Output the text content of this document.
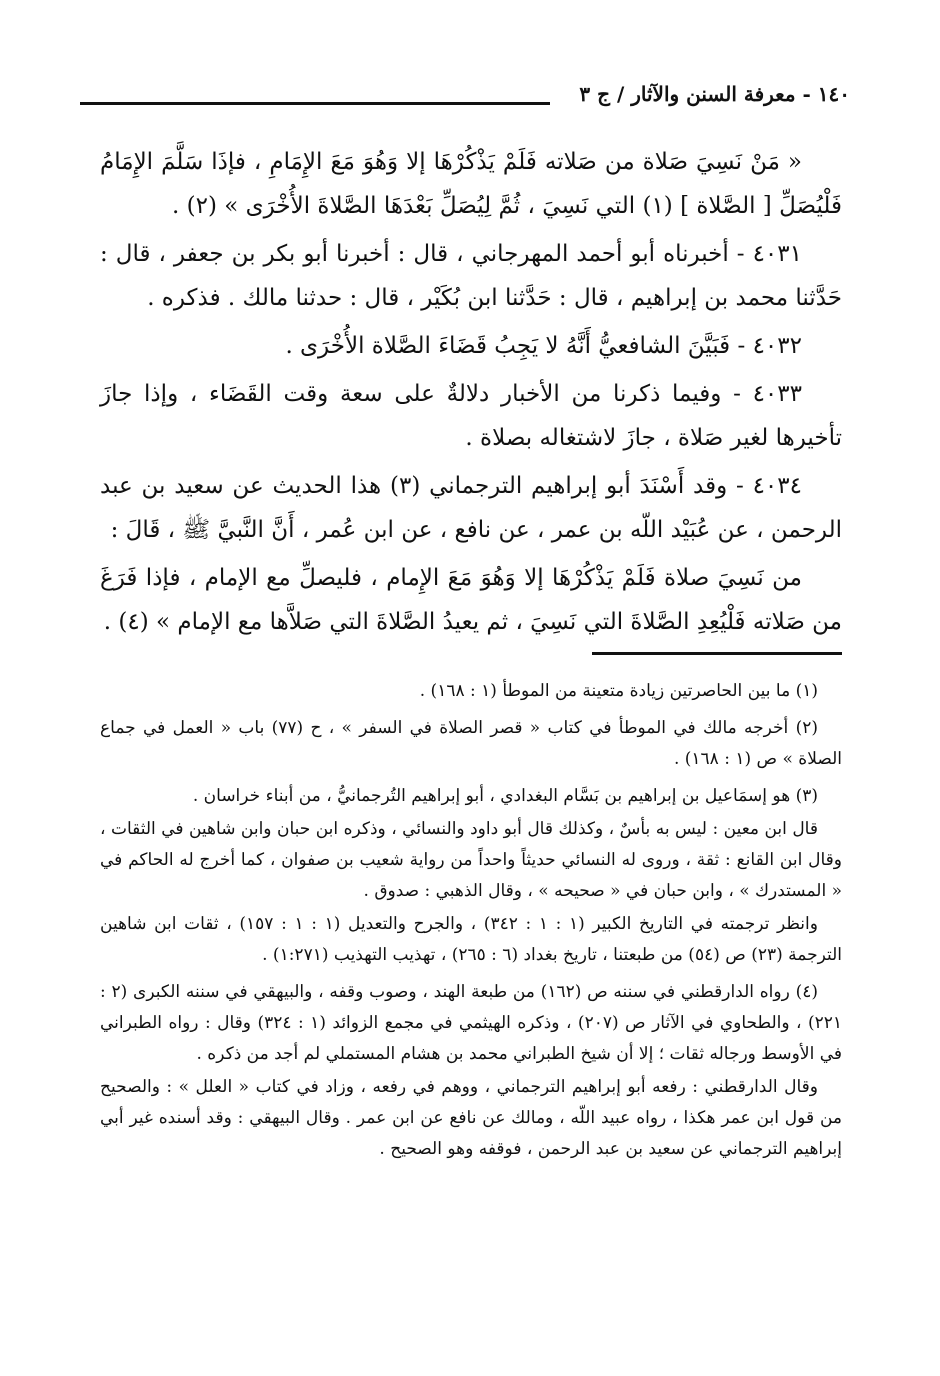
١٤٠ - معرفة السنن والآثار / ج ٣

« مَنْ نَسِيَ صَلاة من صَلاته فَلَمْ يَذْكُرْهَا إلا وَهُوَ مَعَ الإِمَامِ ، فإذَا سَلَّمَ الإِمَامُ فَلْيُصَلِّ [ الصَّلاة ] (١) التي نَسِيَ ، ثُمَّ لِيُصَلِّ بَعْدَهَا الصَّلاةَ الأُخْرَى » (٢) .

٤٠٣١ - أخبرناه أبو أحمد المهرجاني ، قال : أخبرنا أبو بكر بن جعفر ، قال : حَدَّثنا محمد بن إبراهيم ، قال : حَدَّثنا ابن بُكَيْر ، قال : حدثنا مالك . فذكره .

٤٠٣٢ - فَبَيَّنَ الشافعيُّ أَنَّهُ لا يَجِبُ قَضَاءَ الصَّلاة الأُخْرَى .

٤٠٣٣ - وفيما ذكرنا من الأخبار دلالةٌ على سعة وقت القَضَاء ، وإذا جازَ تأخيرها لغير صَلاة ، جازَ لاشتغاله بصلاة .

٤٠٣٤ - وقد أَسْنَدَ أبو إبراهيم الترجماني (٣) هذا الحديث عن سعيد بن عبد الرحمن ، عن عُبَيْد اللّه بن عمر ، عن نافع ، عن ابن عُمر ، أَنَّ النَّبيَّ ﷺ ، قَالَ :

من نَسِيَ صلاة فَلَمْ يَذْكُرْهَا إلا وَهُوَ مَعَ الإِمام ، فليصلِّ مع الإمام ، فإذا فَرَغَ من صَلاته فَلْيُعِدِ الصَّلاةَ التي نَسِيَ ، ثم يعيدُ الصَّلاةَ التي صَلاَّها مع الإمام » (٤) .

(١) ما بين الحاصرتين زيادة متعينة من الموطأ (١ : ١٦٨) .

(٢) أخرجه مالك في الموطأ في كتاب « قصر الصلاة في السفر » ، ح (٧٧) باب « العمل في جماع الصلاة » ص (١ : ١٦٨) .

(٣) هو إسمَاعيل بن إبراهيم بن بَسَّام البغدادي ، أبو إبراهيم التُرجمانيُّ ، من أبناء خراسان .

قال ابن معين : ليس به بأسٌ ، وكذلك قال أبو داود والنسائي ، وذكره ابن حبان وابن شاهين في الثقات ، وقال ابن القانع : ثقة ، وروى له النسائي حديثاً واحداً من رواية شعيب بن صفوان ، كما أخرج له الحاكم في « المستدرك » ، وابن حبان في « صحيحه » ، وقال الذهبي : صدوق .

وانظر ترجمته في التاريخ الكبير (١ : ١ : ٣٤٢) ، والجرح والتعديل (١ : ١ : ١٥٧) ، ثقات ابن شاهين الترجمة (٢٣) ص (٥٤) من طبعتنا ، تاريخ بغداد (٦ : ٢٦٥) ، تهذيب التهذيب (١:٢٧١) .

(٤) رواه الدارقطني في سننه ص (١٦٢) من طبعة الهند ، وصوب وقفه ، والبيهقي في سننه الكبرى (٢ : ٢٢١) ، والطحاوي في الآثار ص (٢٠٧) ، وذكره الهيثمي في مجمع الزوائد (١ : ٣٢٤) وقال : رواه الطبراني في الأوسط ورجاله ثقات ؛ إلا أن شيخ الطبراني محمد بن هشام المستملي لم أجد من ذكره .

وقال الدارقطني : رفعه أبو إبراهيم الترجماني ، ووهم في رفعه ، وزاد في كتاب « العلل » : والصحيح من قول ابن عمر هكذا ، رواه عبيد اللّه ، ومالك عن نافع عن ابن عمر . وقال البيهقي : وقد أسنده غير أبي إبراهيم الترجماني عن سعيد بن عبد الرحمن ، فوقفه وهو الصحيح .
